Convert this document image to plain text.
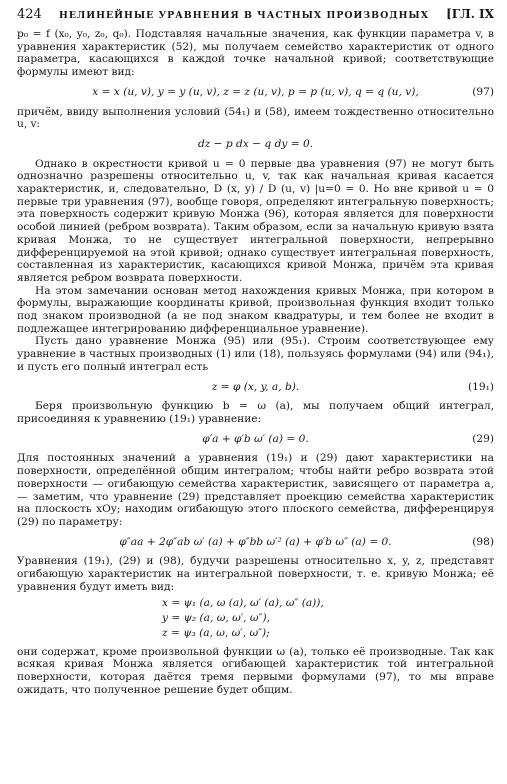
424 НЕЛИНЕЙНЫЕ УРАВНЕНИЯ В ЧАСТНЫХ ПРОИЗВОДНЫХ [ГЛ. IX

p₀ = f (x₀, y₀, z₀, q₀). Подставляя начальные значения, как функции параметра v, в уравнения характеристик (52), мы получаем семейство характеристик от одного параметра, касающихся в каждой точке начальной кривой; соответствующие формулы имеют вид:

x = x (u, v), y = y (u, v), z = z (u, v), p = p (u, v), q = q (u, v),	(97)

причём, ввиду выполнения условий (54₁) и (58), имеем тождественно относительно u, v:

dz − p dx − q dy = 0.

Однако в окрестности кривой u = 0 первые два уравнения (97) не могут быть однозначно разрешены относительно u, v, так как начальная кривая касается характеристик, и, следовательно, D (x, y) / D (u, v) |u=0 = 0. Но вне кривой u = 0 первые три уравнения (97), вообще говоря, определяют интегральную поверхность; эта поверхность содержит кривую Монжа (96), которая является для поверхности особой линией (ребром возврата). Таким образом, если за начальную кривую взята кривая Монжа, то не существует интегральной поверхности, непрерывно дифференцируемой на этой кривой; однако существует интегральная поверхность, составленная из характеристик, касающихся кривой Монжа, причём эта кривая является ребром возврата поверхности.

На этом замечании основан метод нахождения кривых Монжа, при котором в формулы, выражающие координаты кривой, произвольная функция входит только под знаком производной (а не под знаком квадратуры, и тем более не входит в подлежащее интегрированию дифференциальное уравнение).

Пусть дано уравнение Монжа (95) или (95₁). Строим соответствующее ему уравнение в частных производных (1) или (18), пользуясь формулами (94) или (94₁), и пусть его полный интеграл есть

z = φ (x, y, a, b).	(19₁)

Беря произвольную функцию b = ω (a), мы получаем общий интеграл, присоединяя к уравнению (19₁) уравнение:

φ′a + φ′b ω′ (a) = 0.	(29)

Для постоянных значений a уравнения (19₁) и (29) дают характеристики на поверхности, определённой общим интегралом; чтобы найти ребро возврата этой поверхности — огибающую семейства характеристик, зависящего от параметра a, — заметим, что уравнение (29) представляет проекцию семейства характеристик на плоскость xOy; находим огибающую этого плоского семейства, дифференцируя (29) по параметру:

φ″aa + 2φ″ab ω′ (a) + φ″bb ω′² (a) + φ′b ω″ (a) = 0.	(98)

Уравнения (19₁), (29) и (98), будучи разрешены относительно x, y, z, представят огибающую характеристик на интегральной поверхности, т. е. кривую Монжа; её уравнения будут иметь вид:

x = ψ₁ (a, ω (a), ω′ (a), ω″ (a)),
y = ψ₂ (a, ω, ω′, ω″),
z = ψ₃ (a, ω, ω′, ω″);

они содержат, кроме произвольной функции ω (a), только её производные. Так как всякая кривая Монжа является огибающей характеристик той интегральной поверхности, которая даётся тремя первыми формулами (97), то мы вправе ожидать, что полученное решение будет общим.
